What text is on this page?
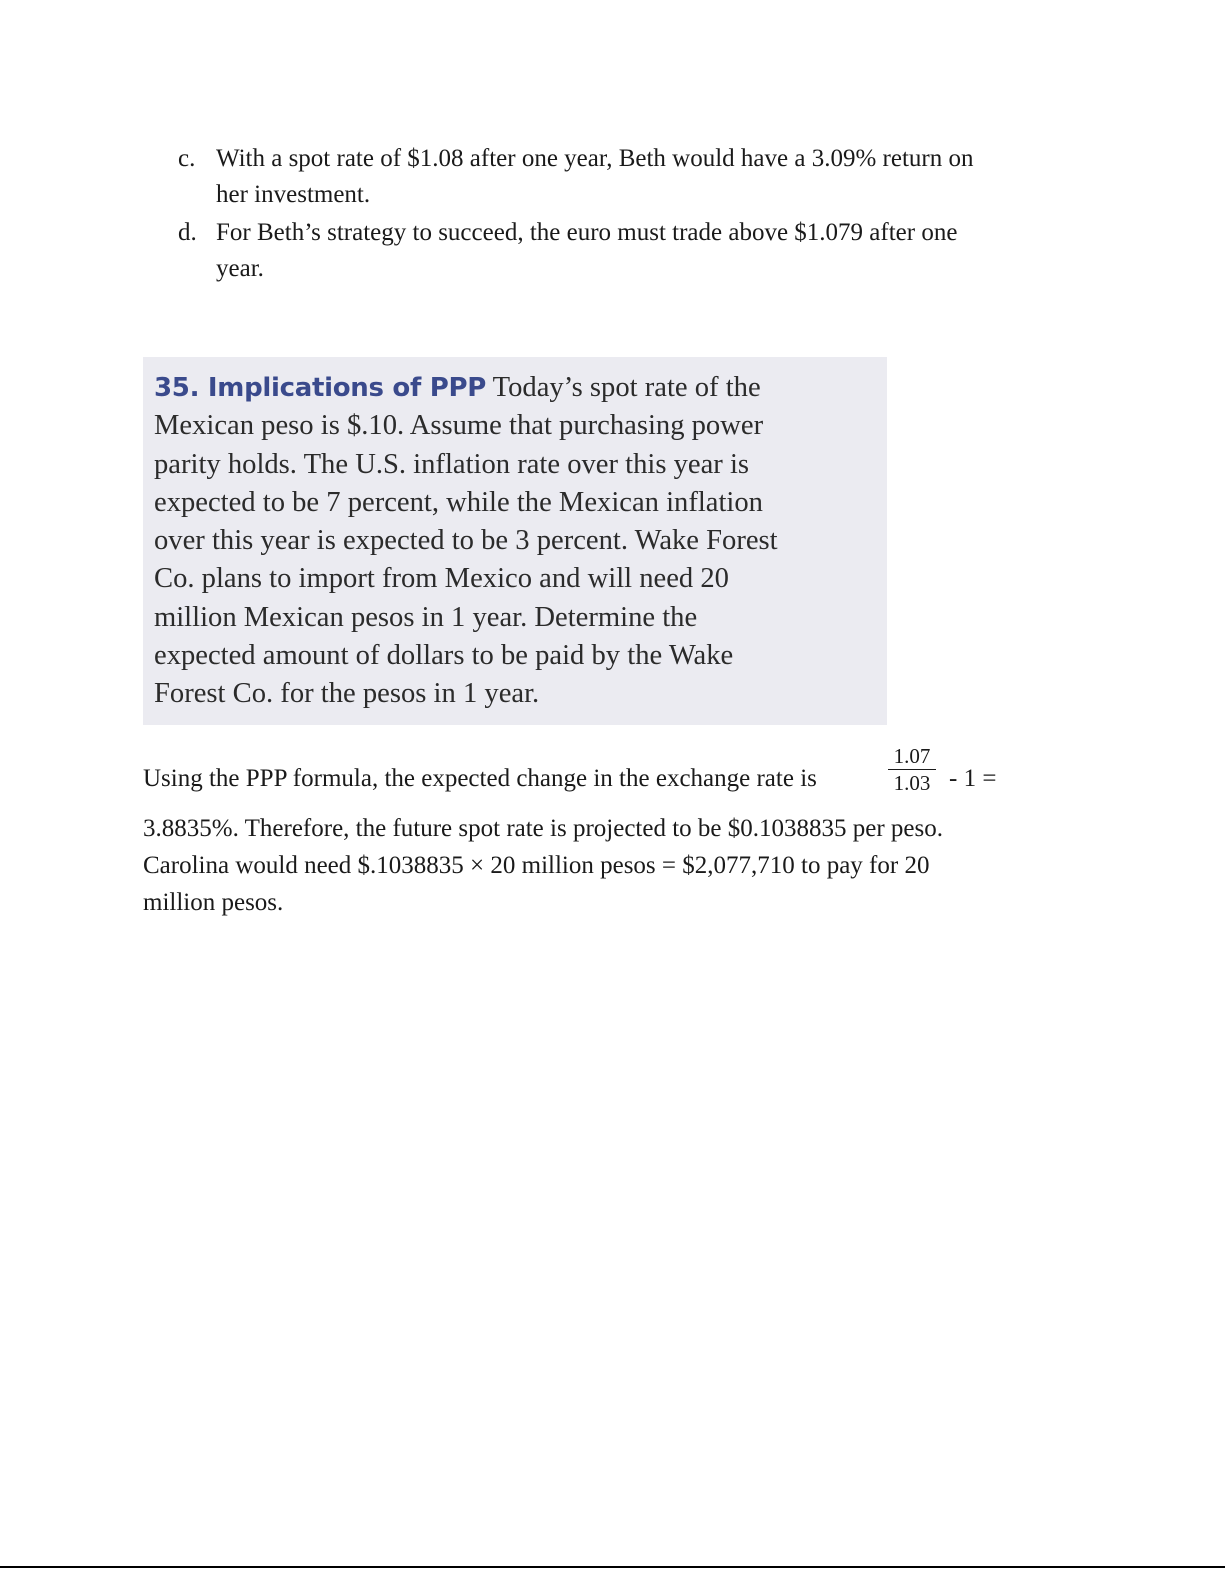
c. With a spot rate of $1.08 after one year, Beth would have a 3.09% return on
her investment.
d. For Beth’s strategy to succeed, the euro must trade above $1.079 after one
year.
35. Implications of PPP Today’s spot rate of the
Mexican peso is $.10. Assume that purchasing power
parity holds. The U.S. inflation rate over this year is
expected to be 7 percent, while the Mexican inflation
over this year is expected to be 3 percent. Wake Forest
Co. plans to import from Mexico and will need 20
million Mexican pesos in 1 year. Determine the
expected amount of dollars to be paid by the Wake
Forest Co. for the pesos in 1 year.
Using the PPP formula, the expected change in the exchange rate is	$\frac{1.07}{1.03} - 1$ =
3.8835%. Therefore, the future spot rate is projected to be $0.1038835 per peso.
Carolina would need $.1038835 × 20 million pesos = $2,077,710 to pay for 20
million pesos.
